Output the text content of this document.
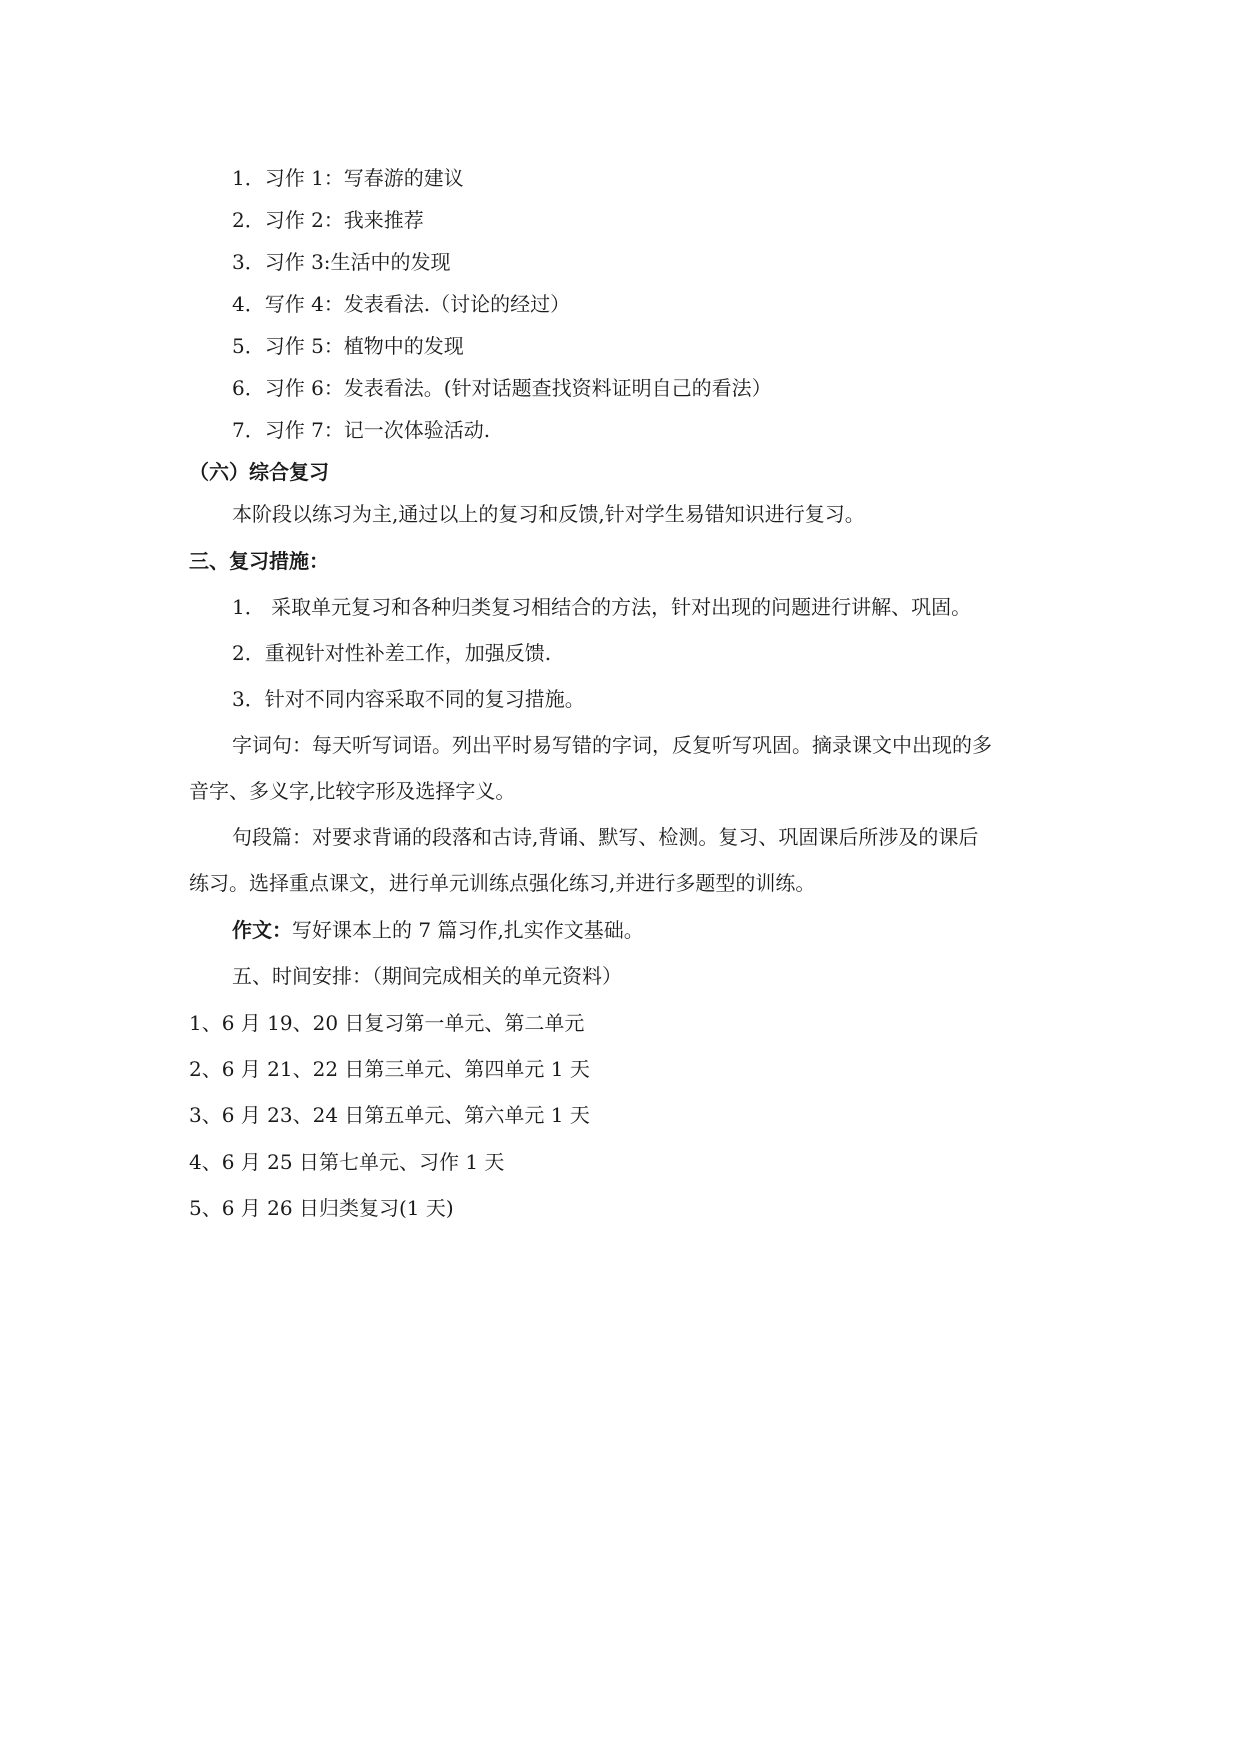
1．习作 1：写春游的建议
2．习作 2：我来推荐
3．习作 3:生活中的发现
4．写作 4：发表看法.（讨论的经过）
5．习作 5：植物中的发现
6．习作 6：发表看法。(针对话题查找资料证明自己的看法）
7．习作 7：记一次体验活动.
（六）综合复习
本阶段以练习为主,通过以上的复习和反馈,针对学生易错知识进行复习。
三、复习措施：
1． 采取单元复习和各种归类复习相结合的方法，针对出现的问题进行讲解、巩固。
2．重视针对性补差工作，加强反馈.
3．针对不同内容采取不同的复习措施。
字词句：每天听写词语。列出平时易写错的字词，反复听写巩固。摘录课文中出现的多
音字、多义字,比较字形及选择字义。
句段篇：对要求背诵的段落和古诗,背诵、默写、检测。复习、巩固课后所涉及的课后
练习。选择重点课文，进行单元训练点强化练习,并进行多题型的训练。
作文：写好课本上的 7 篇习作,扎实作文基础。
五、时间安排：（期间完成相关的单元资料）
1、6 月 19、20 日复习第一单元、第二单元
2、6 月 21、22 日第三单元、第四单元 1 天
3、6 月 23、24 日第五单元、第六单元 1 天
4、6 月 25 日第七单元、习作 1 天
5、6 月 26 日归类复习(1 天)
